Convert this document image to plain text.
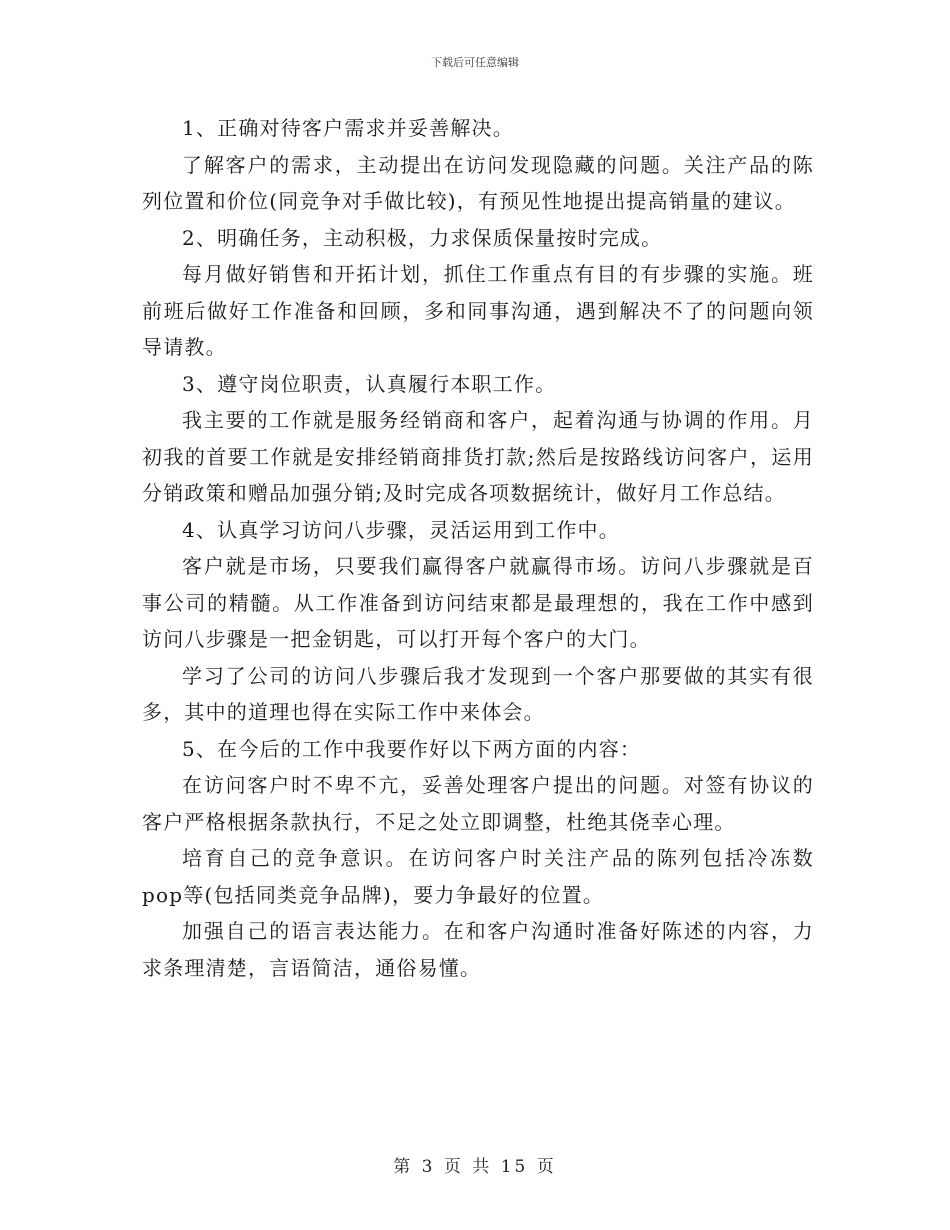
下载后可任意编辑

1、正确对待客户需求并妥善解决。

了解客户的需求，主动提出在访问发现隐藏的问题。关注产品的陈列位置和价位(同竞争对手做比较)，有预见性地提出提高销量的建议。

2、明确任务，主动积极，力求保质保量按时完成。

每月做好销售和开拓计划，抓住工作重点有目的有步骤的实施。班前班后做好工作准备和回顾，多和同事沟通，遇到解决不了的问题向领导请教。

3、遵守岗位职责，认真履行本职工作。

我主要的工作就是服务经销商和客户，起着沟通与协调的作用。月初我的首要工作就是安排经销商排货打款;然后是按路线访问客户，运用分销政策和赠品加强分销;及时完成各项数据统计，做好月工作总结。

4、认真学习访问八步骤，灵活运用到工作中。

客户就是市场，只要我们赢得客户就赢得市场。访问八步骤就是百事公司的精髓。从工作准备到访问结束都是最理想的，我在工作中感到访问八步骤是一把金钥匙，可以打开每个客户的大门。

学习了公司的访问八步骤后我才发现到一个客户那要做的其实有很多，其中的道理也得在实际工作中来体会。

5、在今后的工作中我要作好以下两方面的内容：

在访问客户时不卑不亢，妥善处理客户提出的问题。对签有协议的客户严格根据条款执行，不足之处立即调整，杜绝其侥幸心理。

培育自己的竞争意识。在访问客户时关注产品的陈列包括冷冻数pop等(包括同类竞争品牌)，要力争最好的位置。

加强自己的语言表达能力。在和客户沟通时准备好陈述的内容，力求条理清楚，言语简洁，通俗易懂。

第 3 页 共 15 页
